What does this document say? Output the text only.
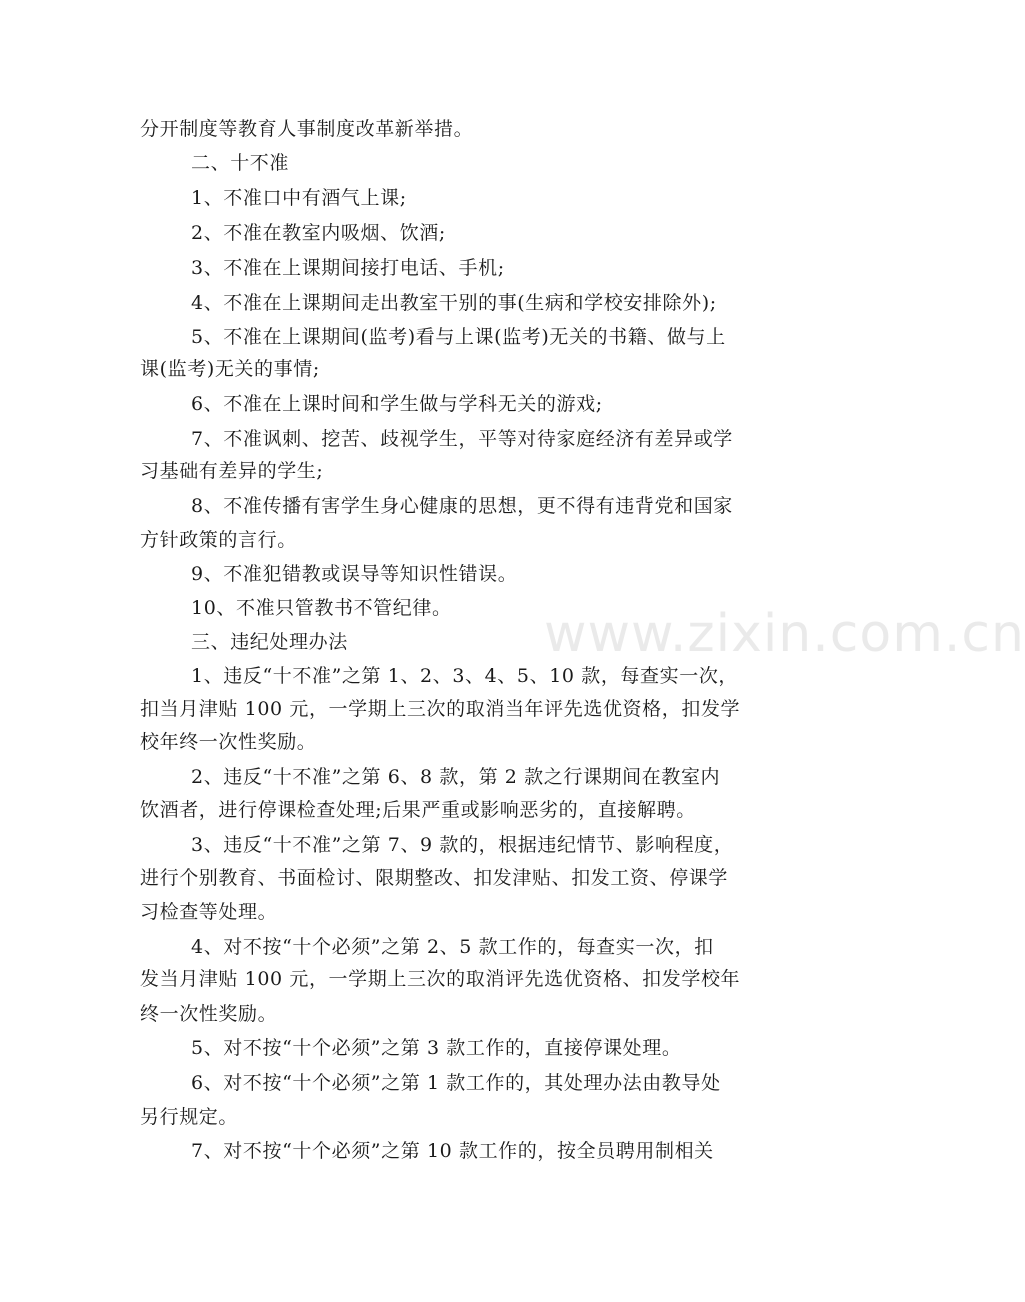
分开制度等教育人事制度改革新举措。
二、十不准
1、不准口中有酒气上课;
2、不准在教室内吸烟、饮酒;
3、不准在上课期间接打电话、手机;
4、不准在上课期间走出教室干别的事(生病和学校安排除外);
5、不准在上课期间(监考)看与上课(监考)无关的书籍、做与上
课(监考)无关的事情;
6、不准在上课时间和学生做与学科无关的游戏;
7、不准讽刺、挖苦、歧视学生，平等对待家庭经济有差异或学
习基础有差异的学生;
8、不准传播有害学生身心健康的思想，更不得有违背党和国家
方针政策的言行。
9、不准犯错教或误导等知识性错误。
10、不准只管教书不管纪律。
三、违纪处理办法
1、违反“十不准”之第 1、2、3、4、5、10 款，每查实一次，
扣当月津贴 100 元，一学期上三次的取消当年评先选优资格，扣发学
校年终一次性奖励。
2、违反“十不准”之第 6、8 款，第 2 款之行课期间在教室内
饮酒者，进行停课检查处理;后果严重或影响恶劣的，直接解聘。
3、违反“十不准”之第 7、9 款的，根据违纪情节、影响程度，
进行个别教育、书面检讨、限期整改、扣发津贴、扣发工资、停课学
习检查等处理。
4、对不按“十个必须”之第 2、5 款工作的，每查实一次，扣
发当月津贴 100 元，一学期上三次的取消评先选优资格、扣发学校年
终一次性奖励。
5、对不按“十个必须”之第 3 款工作的，直接停课处理。
6、对不按“十个必须”之第 1 款工作的，其处理办法由教导处
另行规定。
7、对不按“十个必须”之第 10 款工作的，按全员聘用制相关
www.zixin.com.cn
